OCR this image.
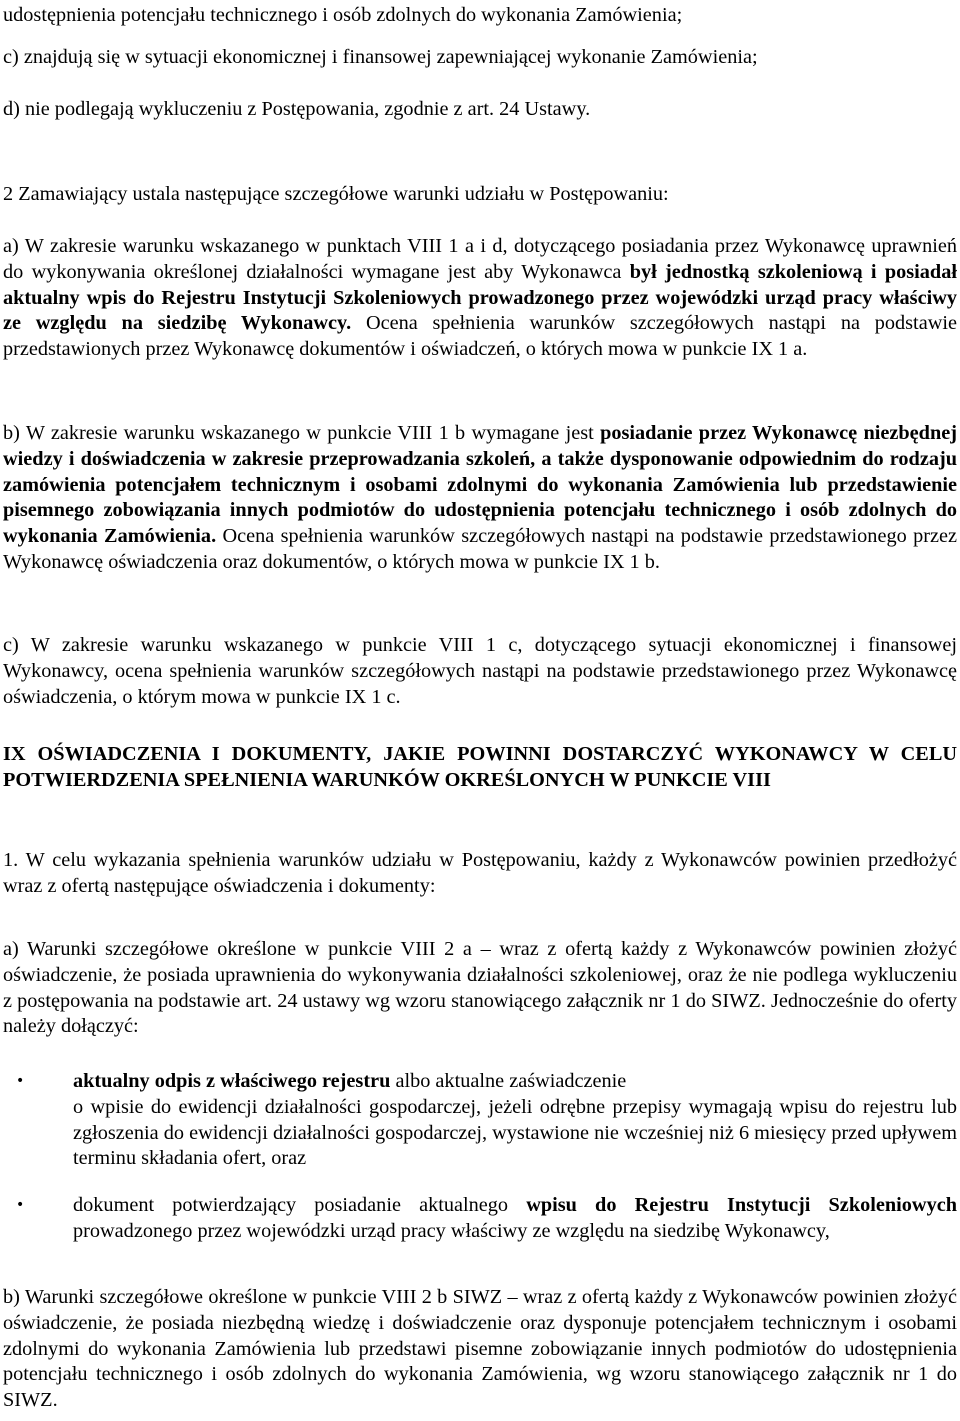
udostępnienia potencjału technicznego i osób zdolnych do wykonania Zamówienia;

c) znajdują się w sytuacji ekonomicznej i finansowej zapewniającej wykonanie Zamówienia;

d) nie podlegają wykluczeniu z Postępowania, zgodnie z art. 24 Ustawy.

2 Zamawiający ustala następujące szczegółowe warunki udziału w Postępowaniu:

a) W zakresie warunku wskazanego w punktach VIII 1 a i d, dotyczącego posiadania przez Wykonawcę uprawnień do wykonywania określonej działalności wymagane jest aby Wykonawca był jednostką szkoleniową i posiadał aktualny wpis do Rejestru Instytucji Szkoleniowych prowadzonego przez wojewódzki urząd pracy właściwy ze względu na siedzibę Wykonawcy. Ocena spełnienia warunków szczegółowych nastąpi na podstawie przedstawionych przez Wykonawcę dokumentów i oświadczeń, o których mowa w punkcie IX 1 a.

b) W zakresie warunku wskazanego w punkcie VIII 1 b wymagane jest posiadanie przez Wykonawcę niezbędnej wiedzy i doświadczenia w zakresie przeprowadzania szkoleń, a także dysponowanie odpowiednim do rodzaju zamówienia potencjałem technicznym i osobami zdolnymi do wykonania Zamówienia lub przedstawienie pisemnego zobowiązania innych podmiotów do udostępnienia potencjału technicznego i osób zdolnych do wykonania Zamówienia. Ocena spełnienia warunków szczegółowych nastąpi na podstawie przedstawionego przez Wykonawcę oświadczenia oraz dokumentów, o których mowa w punkcie IX 1 b.

c) W zakresie warunku wskazanego w punkcie VIII 1 c, dotyczącego sytuacji ekonomicznej i finansowej Wykonawcy, ocena spełnienia warunków szczegółowych nastąpi na podstawie przedstawionego przez Wykonawcę oświadczenia, o którym mowa w punkcie IX 1 c.

IX OŚWIADCZENIA I DOKUMENTY, JAKIE POWINNI DOSTARCZYĆ WYKONAWCY W CELU POTWIERDZENIA SPEŁNIENIA WARUNKÓW OKREŚLONYCH W PUNKCIE VIII

1. W celu wykazania spełnienia warunków udziału w Postępowaniu, każdy z Wykonawców powinien przedłożyć wraz z ofertą następujące oświadczenia i dokumenty:

a) Warunki szczegółowe określone w punkcie VIII 2 a – wraz z ofertą każdy z Wykonawców powinien złożyć oświadczenie, że posiada uprawnienia do wykonywania działalności szkoleniowej, oraz że nie podlega wykluczeniu z postępowania na podstawie art. 24 ustawy wg wzoru stanowiącego załącznik nr 1 do SIWZ. Jednocześnie do oferty należy dołączyć:

• aktualny odpis z właściwego rejestru albo aktualne zaświadczenie
o wpisie do ewidencji działalności gospodarczej, jeżeli odrębne przepisy wymagają wpisu do rejestru lub zgłoszenia do ewidencji działalności gospodarczej, wystawione nie wcześniej niż 6 miesięcy przed upływem terminu składania ofert, oraz
• dokument potwierdzający posiadanie aktualnego wpisu do Rejestru Instytucji Szkoleniowych prowadzonego przez wojewódzki urząd pracy właściwy ze względu na siedzibę Wykonawcy,

b) Warunki szczegółowe określone w punkcie VIII 2 b SIWZ – wraz z ofertą każdy z Wykonawców powinien złożyć oświadczenie, że posiada niezbędną wiedzę i doświadczenie oraz dysponuje potencjałem technicznym i osobami zdolnymi do wykonania Zamówienia lub przedstawi pisemne zobowiązanie innych podmiotów do udostępnienia potencjału technicznego i osób zdolnych do wykonania Zamówienia, wg wzoru stanowiącego załącznik nr 1 do SIWZ.
